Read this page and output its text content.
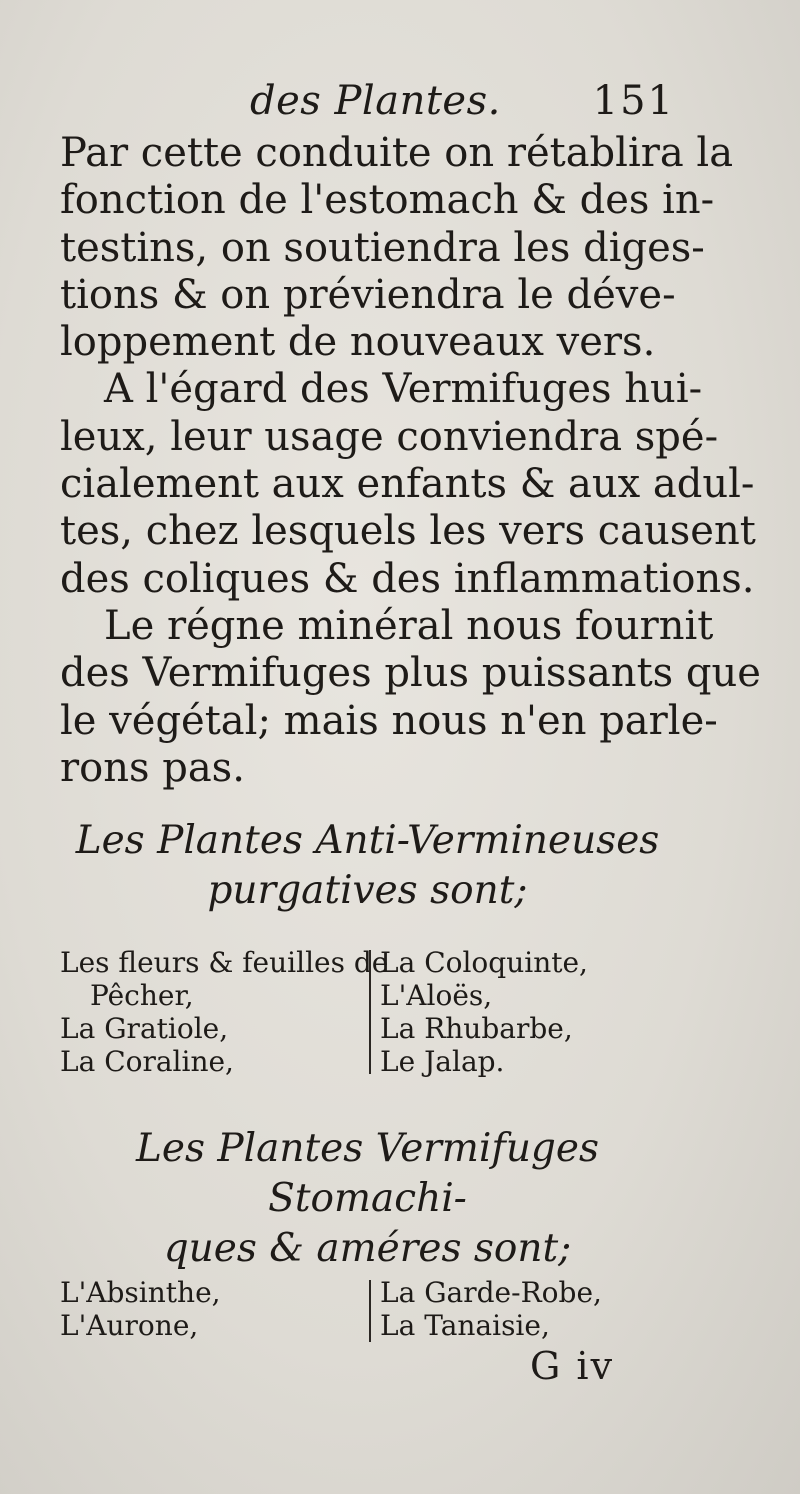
des Plantes. 151

Par cette conduite on rétablira la
fonction de l'estomach & des in-
testins, on soutiendra les diges-
tions & on préviendra le déve-
loppement de nouveaux vers.

A l'égard des Vermifuges hui-
leux, leur usage conviendra spé-
cialement aux enfants & aux adul-
tes, chez lesquels les vers causent
des coliques & des inflammations.

Le régne minéral nous fournit
des Vermifuges plus puissants que
le végétal; mais nous n'en parle-
rons pas.

Les Plantes Anti-Vermineuses
purgatives sont;
Les fleurs & feuilles de
Pêcher,
La Gratiole,
La Coraline,
La Coloquinte,
L'Aloës,
La Rhubarbe,
Le Jalap.
Les Plantes Vermifuges Stomachi-
ques & améres sont;
L'Absinthe,
L'Aurone,
La Garde-Robe,
La Tanaisie,
G iv
